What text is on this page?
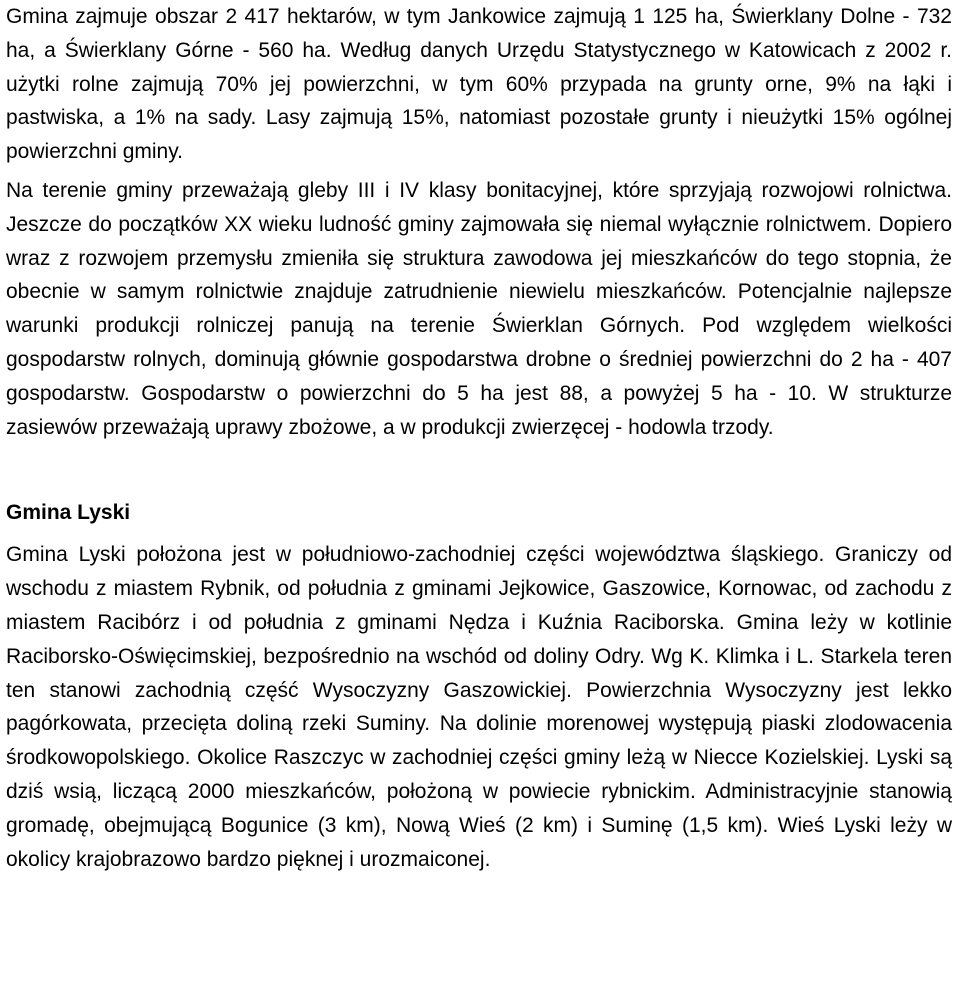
Gmina zajmuje obszar 2 417 hektarów, w tym Jankowice zajmują 1 125 ha, Świerklany Dolne - 732 ha, a Świerklany Górne - 560 ha. Według danych Urzędu Statystycznego w Katowicach z 2002 r. użytki rolne zajmują 70% jej powierzchni, w tym 60% przypada na grunty orne, 9% na łąki i pastwiska, a 1% na sady. Lasy zajmują 15%, natomiast pozostałe grunty i nieużytki 15% ogólnej powierzchni gminy.

Na terenie gminy przeważają gleby III i IV klasy bonitacyjnej, które sprzyjają rozwojowi rolnictwa. Jeszcze do początków XX wieku ludność gminy zajmowała się niemal wyłącznie rolnictwem. Dopiero wraz z rozwojem przemysłu zmieniła się struktura zawodowa jej mieszkańców do tego stopnia, że obecnie w samym rolnictwie znajduje zatrudnienie niewielu mieszkańców. Potencjalnie najlepsze warunki produkcji rolniczej panują na terenie Świerklan Górnych. Pod względem wielkości gospodarstw rolnych, dominują głównie gospodarstwa drobne o średniej powierzchni do 2 ha - 407 gospodarstw. Gospodarstw o powierzchni do 5 ha jest 88, a powyżej 5 ha - 10. W strukturze zasiewów przeważają uprawy zbożowe, a w produkcji zwierzęcej - hodowla trzody.

Gmina Lyski

Gmina Lyski położona jest w południowo-zachodniej części województwa śląskiego. Graniczy od wschodu z miastem Rybnik, od południa z gminami Jejkowice, Gaszowice, Kornowac, od zachodu z miastem Racibórz i od południa z gminami Nędza i Kuźnia Raciborska. Gmina leży w kotlinie Raciborsko-Oświęcimskiej, bezpośrednio na wschód od doliny Odry. Wg K. Klimka i L. Starkela teren ten stanowi zachodnią część Wysoczyzny Gaszowickiej. Powierzchnia Wysoczyzny jest lekko pagórkowata, przecięta doliną rzeki Suminy. Na dolinie morenowej występują piaski zlodowacenia środkowopolskiego. Okolice Raszczyc w zachodniej części gminy leżą w Niecce Kozielskiej. Lyski są dziś wsią, liczącą 2000 mieszkańców, położoną w powiecie rybnickim. Administracyjnie stanowią gromadę, obejmującą Bogunice (3 km), Nową Wieś (2 km) i Suminę (1,5 km). Wieś Lyski leży w okolicy krajobrazowo bardzo pięknej i urozmaiconej.
